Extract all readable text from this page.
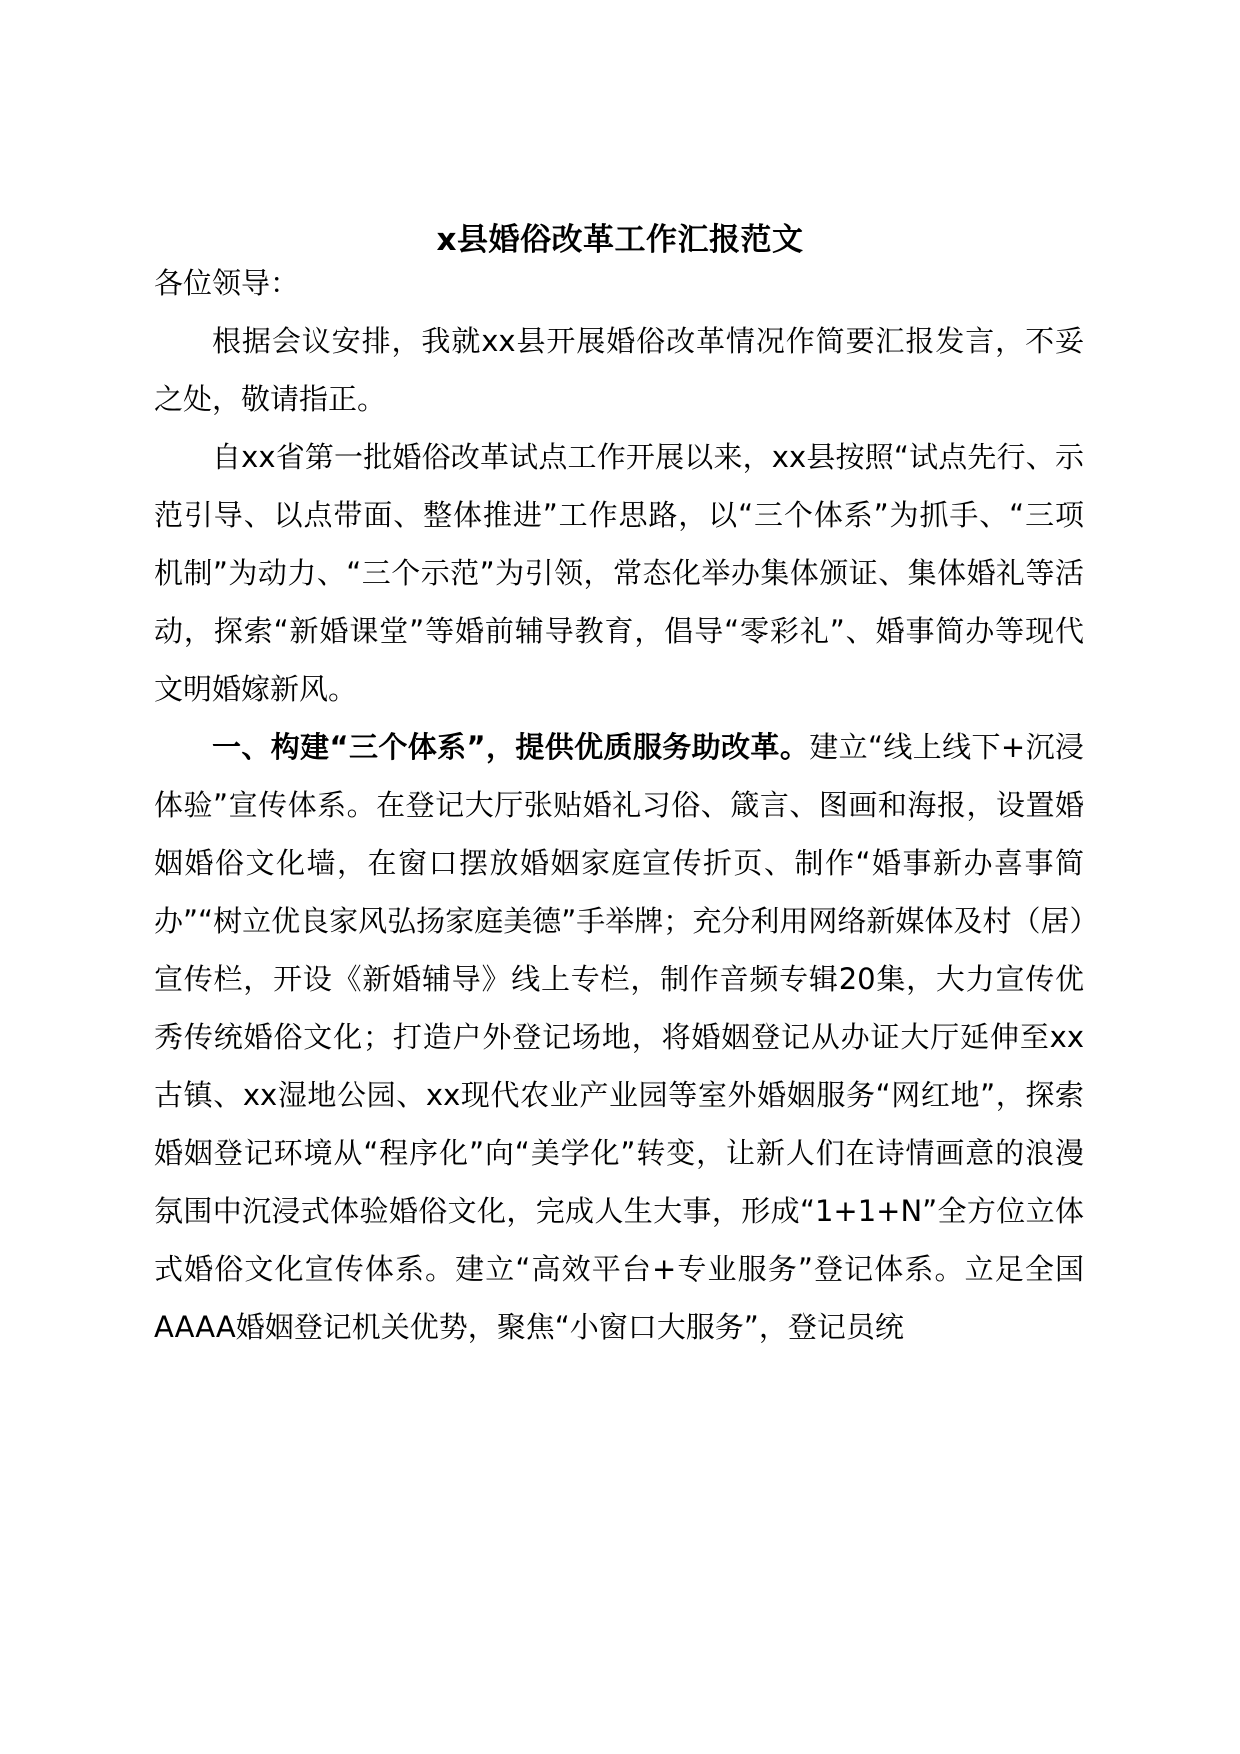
x县婚俗改革工作汇报范文

各位领导：

根据会议安排，我就xx县开展婚俗改革情况作简要汇报发言，不妥之处，敬请指正。

自xx省第一批婚俗改革试点工作开展以来，xx县按照“试点先行、示范引导、以点带面、整体推进”工作思路，以“三个体系”为抓手、“三项机制”为动力、“三个示范”为引领，常态化举办集体颁证、集体婚礼等活动，探索“新婚课堂”等婚前辅导教育，倡导“零彩礼”、婚事简办等现代文明婚嫁新风。

一、构建“三个体系”，提供优质服务助改革。建立“线上线下+沉浸体验”宣传体系。在登记大厅张贴婚礼习俗、箴言、图画和海报，设置婚姻婚俗文化墙，在窗口摆放婚姻家庭宣传折页、制作“婚事新办喜事简办”“树立优良家风弘扬家庭美德”手举牌；充分利用网络新媒体及村（居）宣传栏，开设《新婚辅导》线上专栏，制作音频专辑20集，大力宣传优秀传统婚俗文化；打造户外登记场地，将婚姻登记从办证大厅延伸至xx古镇、xx湿地公园、xx现代农业产业园等室外婚姻服务“网红地”，探索婚姻登记环境从“程序化”向“美学化”转变，让新人们在诗情画意的浪漫氛围中沉浸式体验婚俗文化，完成人生大事，形成“1+1+N”全方位立体式婚俗文化宣传体系。建立“高效平台+专业服务”登记体系。立足全国AAAA婚姻登记机关优势，聚焦“小窗口大服务”，登记员统
